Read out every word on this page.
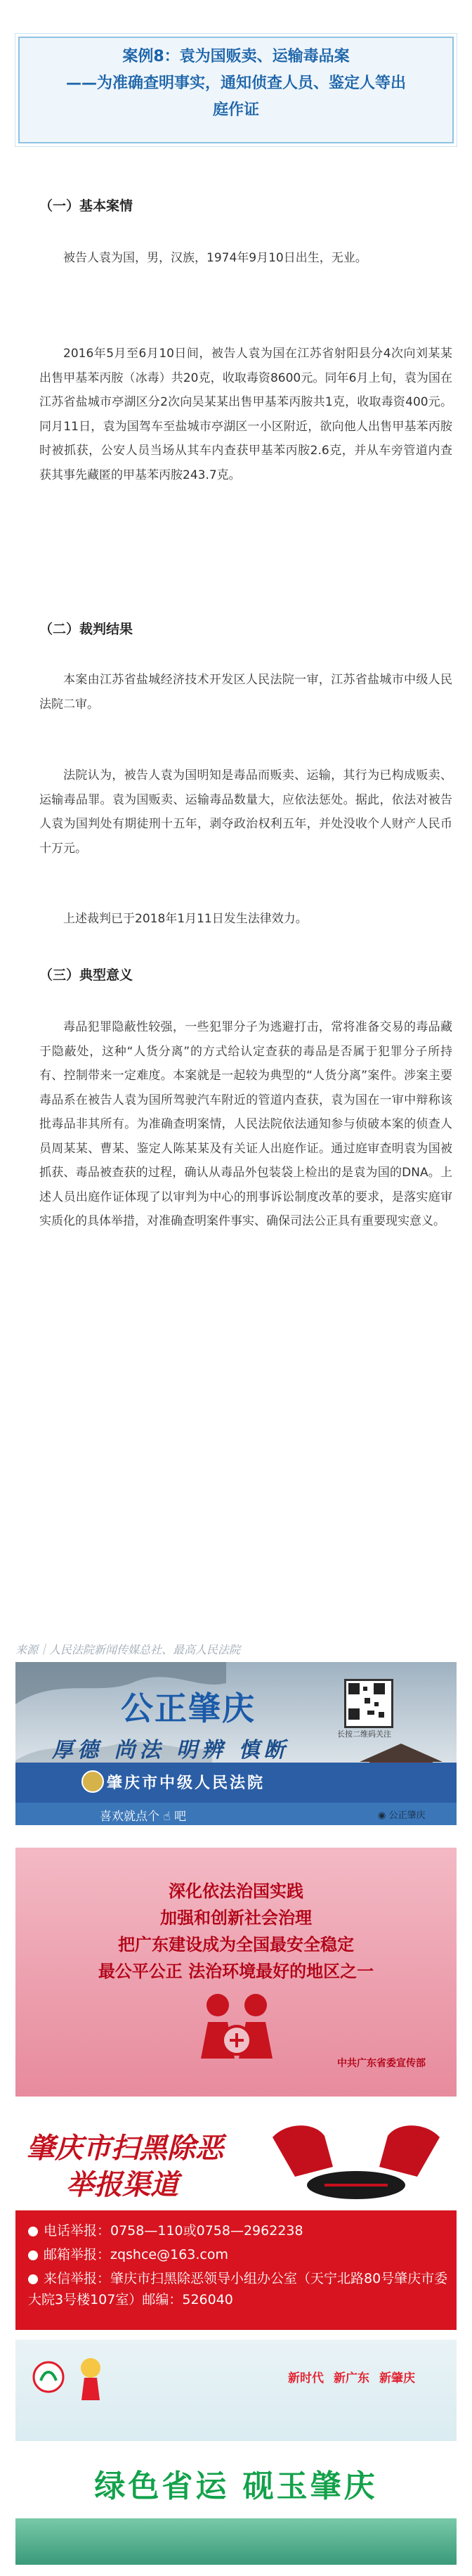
案例8：袁为国贩卖、运输毒品案
——为准确查明事实，通知侦查人员、鉴定人等出
庭作证
（一）基本案情
被告人袁为国，男，汉族，1974年9月10日出生，无业。
2016年5月至6月10日间，被告人袁为国在江苏省射阳县分4次向刘某某出售甲基苯丙胺（冰毒）共20克，收取毒资8600元。同年6月上旬，袁为国在江苏省盐城市亭湖区分2次向吴某某出售甲基苯丙胺共1克，收取毒资400元。同月11日，袁为国驾车至盐城市亭湖区一小区附近，欲向他人出售甲基苯丙胺时被抓获，公安人员当场从其车内查获甲基苯丙胺2.6克，并从车旁管道内查获其事先藏匿的甲基苯丙胺243.7克。
（二）裁判结果
本案由江苏省盐城经济技术开发区人民法院一审，江苏省盐城市中级人民法院二审。
法院认为，被告人袁为国明知是毒品而贩卖、运输，其行为已构成贩卖、运输毒品罪。袁为国贩卖、运输毒品数量大，应依法惩处。据此，依法对被告人袁为国判处有期徒刑十五年，剥夺政治权利五年，并处没收个人财产人民币十万元。
上述裁判已于2018年1月11日发生法律效力。
（三）典型意义
毒品犯罪隐蔽性较强，一些犯罪分子为逃避打击，常将准备交易的毒品藏于隐蔽处，这种“人货分离”的方式给认定查获的毒品是否属于犯罪分子所持有、控制带来一定难度。本案就是一起较为典型的“人货分离”案件。涉案主要毒品系在被告人袁为国所驾驶汽车附近的管道内查获，袁为国在一审中辩称该批毒品非其所有。为准确查明案情，人民法院依法通知参与侦破本案的侦查人员周某某、曹某、鉴定人陈某某及有关证人出庭作证。通过庭审查明袁为国被抓获、毒品被查获的过程，确认从毒品外包装袋上检出的是袁为国的DNA。上述人员出庭作证体现了以审判为中心的刑事诉讼制度改革的要求，是落实庭审实质化的具体举措，对准确查明案件事实、确保司法公正具有重要现实意义。
来源｜人民法院新闻传媒总社、最高人民法院
公正肇庆
厚德 尚法 明辨 慎断
长按二维码关注
肇庆市中级人民法院
喜欢就点个 ☝ 吧	◉ 公正肇庆
深化依法治国实践
加强和创新社会治理
把广东建设成为全国最安全稳定
最公平公正 法治环境最好的地区之一
中共广东省委宣传部
肇庆市扫黑除恶
举报渠道
电话举报：0758—110或0758—2962238
邮箱举报：zqshce@163.com
来信举报：肇庆市扫黑除恶领导小组办公室（天宁北路80号肇庆市委大院3号楼107室）邮编：526040
新时代 新广东 新肇庆
绿色省运 砚玉肇庆
